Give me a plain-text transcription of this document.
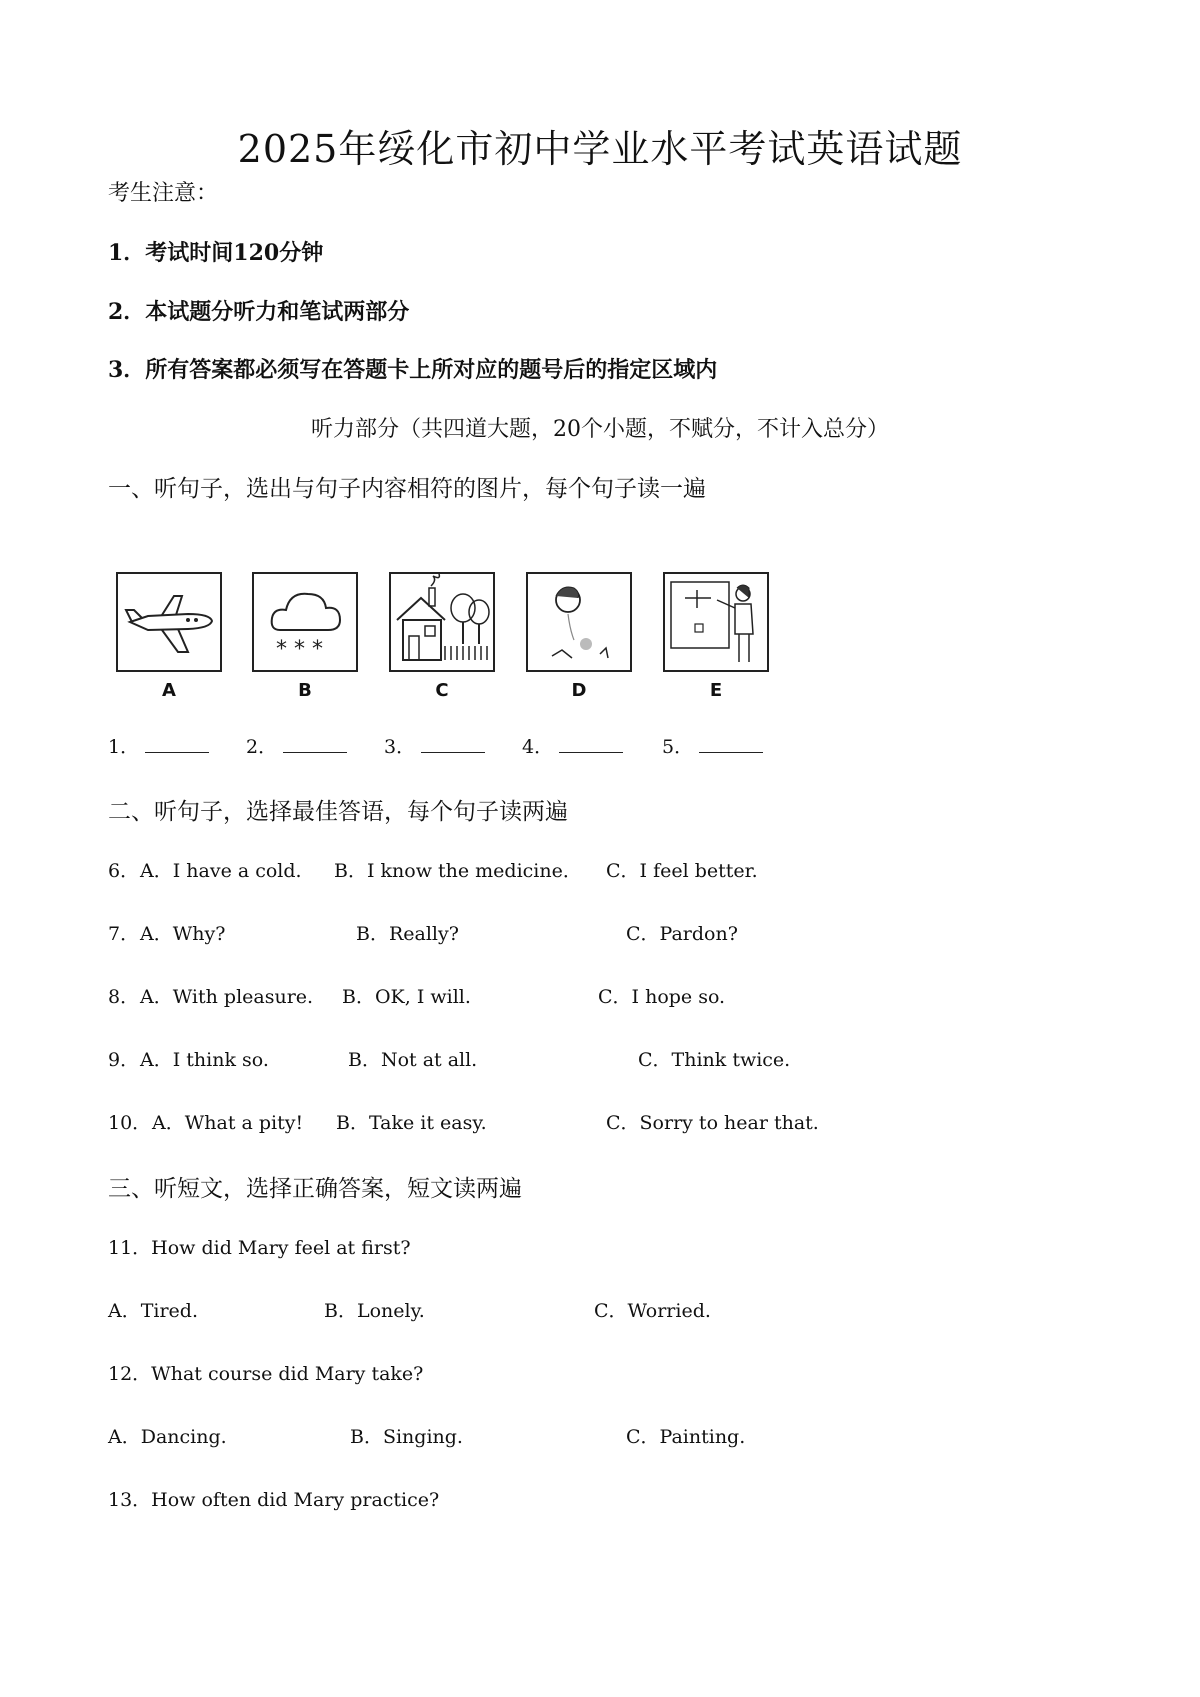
2025年绥化市初中学业水平考试英语试题
考生注意：
1．考试时间120分钟
2．本试题分听力和笔试两部分
3．所有答案都必须写在答题卡上所对应的题号后的指定区域内
听力部分（共四道大题，20个小题，不赋分，不计入总分）
一、听句子，选出与句子内容相符的图片，每个句子读一遍
A
* * *
B	C	D	E
1．	2．	3．	4．	5．
二、听句子，选择最佳答语，每个句子读两遍
6． A．I have a cold. B．I know the medicine． C．I feel better.
7． A．Why?	B．Really?	C．Pardon?
8． A．With pleasure. B．OK, I will.	C．I hope so.
9． A．I think so.	B．Not at all.	C．Think twice.
10． A．What a pity! B．Take it easy.	C．Sorry to hear that.
三、听短文，选择正确答案，短文读两遍
11．How did Mary feel at first?
A．Tired.	B．Lonely.	C．Worried.
12．What course did Mary take?
A．Dancing.	B．Singing.	C．Painting.
13．How often did Mary practice?
